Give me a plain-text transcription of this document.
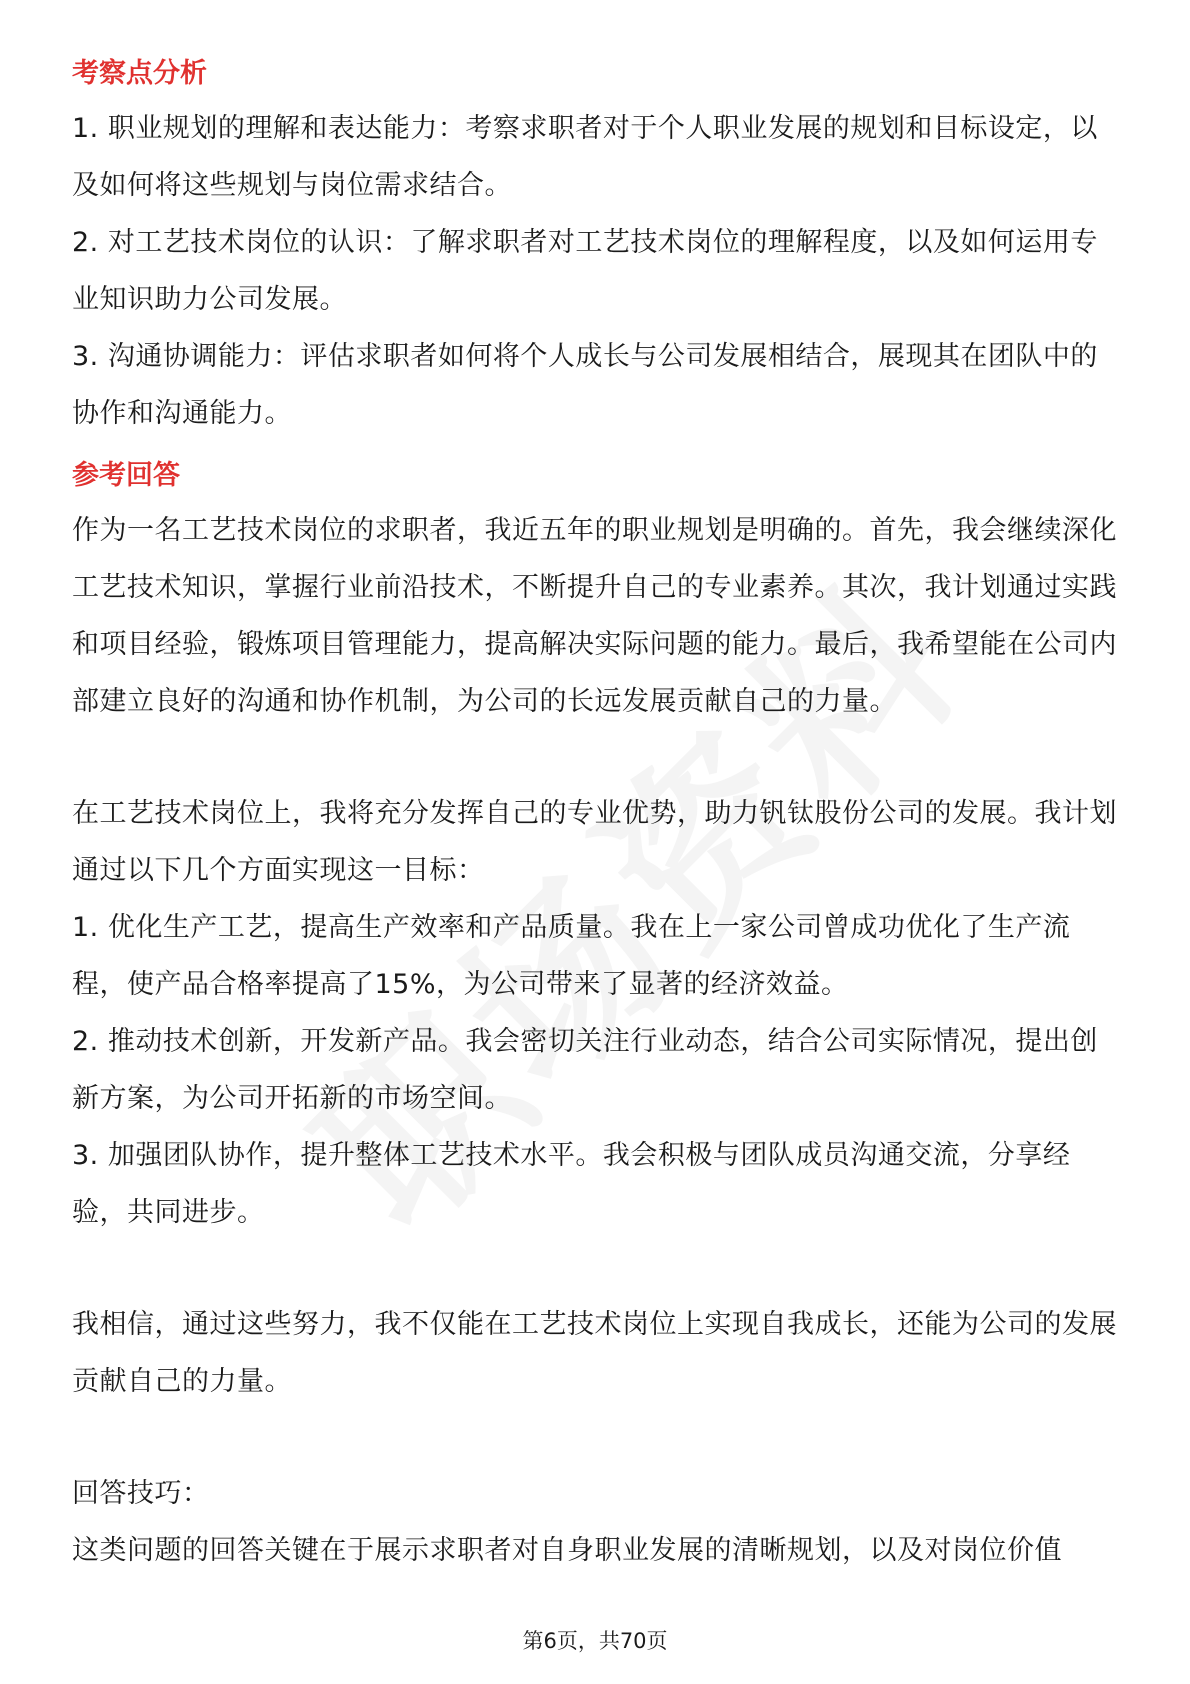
考察点分析

1. 职业规划的理解和表达能力：考察求职者对于个人职业发展的规划和目标设定，以及如何将这些规划与岗位需求结合。

2. 对工艺技术岗位的认识：了解求职者对工艺技术岗位的理解程度，以及如何运用专业知识助力公司发展。

3. 沟通协调能力：评估求职者如何将个人成长与公司发展相结合，展现其在团队中的协作和沟通能力。

参考回答

作为一名工艺技术岗位的求职者，我近五年的职业规划是明确的。首先，我会继续深化工艺技术知识，掌握行业前沿技术，不断提升自己的专业素养。其次，我计划通过实践和项目经验，锻炼项目管理能力，提高解决实际问题的能力。最后，我希望能在公司内部建立良好的沟通和协作机制，为公司的长远发展贡献自己的力量。

在工艺技术岗位上，我将充分发挥自己的专业优势，助力钒钛股份公司的发展。我计划通过以下几个方面实现这一目标：

1. 优化生产工艺，提高生产效率和产品质量。我在上一家公司曾成功优化了生产流程，使产品合格率提高了15%，为公司带来了显著的经济效益。

2. 推动技术创新，开发新产品。我会密切关注行业动态，结合公司实际情况，提出创新方案，为公司开拓新的市场空间。

3. 加强团队协作，提升整体工艺技术水平。我会积极与团队成员沟通交流，分享经验，共同进步。

我相信，通过这些努力，我不仅能在工艺技术岗位上实现自我成长，还能为公司的发展贡献自己的力量。

回答技巧：

这类问题的回答关键在于展示求职者对自身职业发展的清晰规划，以及对岗位价值

第6页，共70页
